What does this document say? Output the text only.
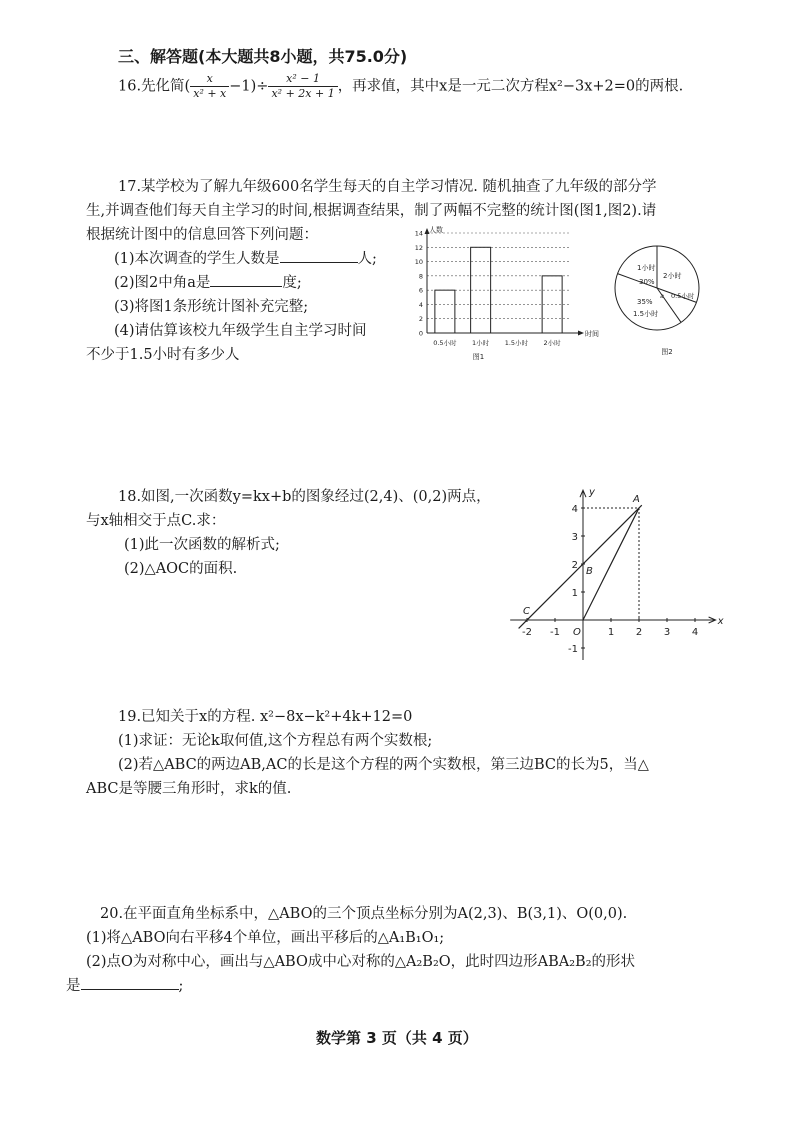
三、解答题(本大题共8小题，共75.0分)
16.先化简( $\frac{x}{\text{x² + x}} -1)\div \frac{\text{x² − 1}}{\text{x² + 2x + 1}}$ ，再求值，其中x是一元二次方程x²−3x+2=0的两根.
17.某学校为了解九年级600名学生每天的自主学习情况. 随机抽查了九年级的部分学
生,并调查他们每天自主学习的时间,根据调查结果，制了两幅不完整的统计图(图1,图2).请
根据统计图中的信息回答下列问题：
(1)本次调查的学生人数是	人;
(2)图2中角a是	度;
(3)将图1条形统计图补充完整;
(4)请估算该校九年级学生自主学习时间
不少于1.5小时有多少人
0
2
4
6
8
10
12
14 人数
时间
0.5小时 1小时 1.5小时 2小时
图1
1小时
30%
2小时
0.5小时
35%
1.5小时
a
图2
18.如图,一次函数y=kx+b的图象经过(2,4)、(0,2)两点，
与x轴相交于点C.求：
(1)此一次函数的解析式;
(2)△AOC的面积.
x
y
-2 -1	1 2 3 4
-1
1
2
3
4
O
A
B
C
19.已知关于x的方程. x²−8x−k²+4k+12=0
(1)求证：无论k取何值,这个方程总有两个实数根;
(2)若△ABC的两边AB,AC的长是这个方程的两个实数根，第三边BC的长为5，当△
ABC是等腰三角形时，求k的值.
20.在平面直角坐标系中，△ABO的三个顶点坐标分别为A(2,3)、B(3,1)、O(0,0).
(1)将△ABO向右平移4个单位，画出平移后的△A₁B₁O₁;
(2)点O为对称中心，画出与△ABO成中心对称的△A₂B₂O，此时四边形ABA₂B₂的形状
是	;
数学第 3 页（共 4 页）
